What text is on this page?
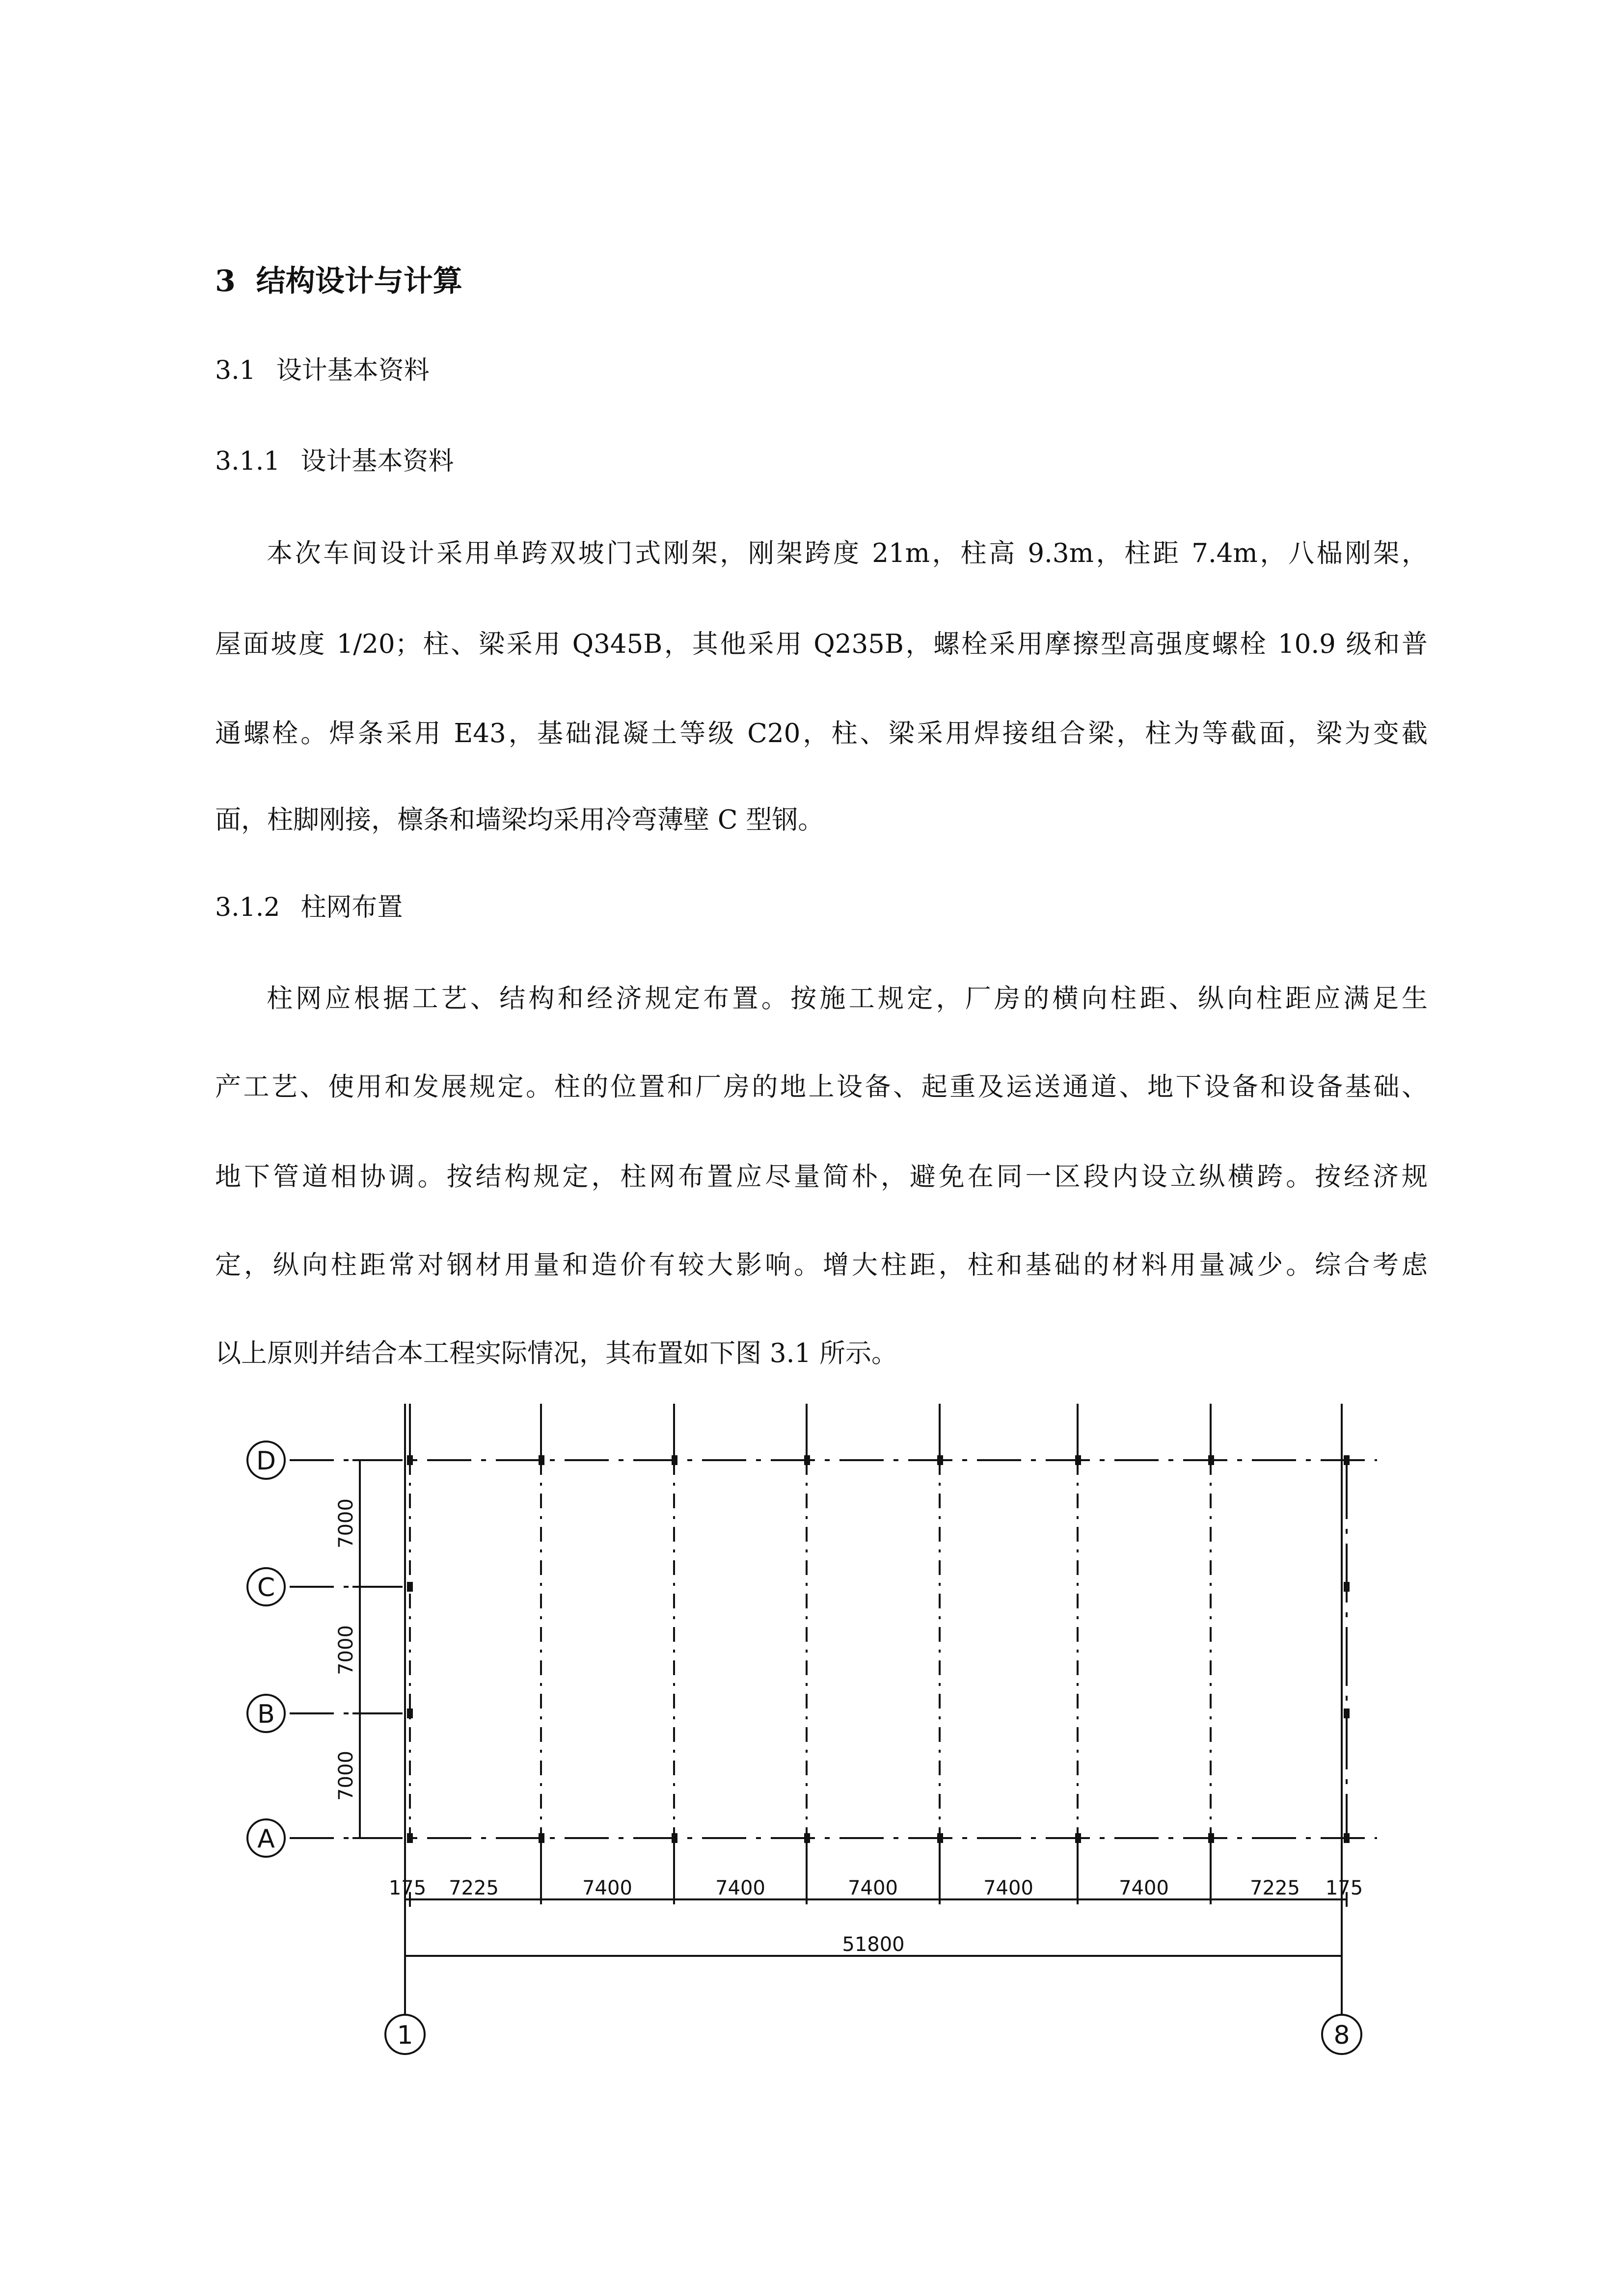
3 结构设计与计算
3.1 设计基本资料
3.1.1 设计基本资料

本次车间设计采用单跨双坡门式刚架，刚架跨度 21m，柱高 9.3m，柱距 7.4m，八榀刚架，

屋面坡度 1/20；柱、梁采用 Q345B，其他采用 Q235B，螺栓采用摩擦型高强度螺栓 10.9 级和普

通螺栓。焊条采用 E43，基础混凝土等级 C20，柱、梁采用焊接组合梁，柱为等截面，梁为变截

面，柱脚刚接，檩条和墙梁均采用冷弯薄壁 C 型钢。

3.1.2 柱网布置

柱网应根据工艺、结构和经济规定布置。按施工规定，厂房的横向柱距、纵向柱距应满足生

产工艺、使用和发展规定。柱的位置和厂房的地上设备、起重及运送通道、地下设备和设备基础、

地下管道相协调。按结构规定，柱网布置应尽量简朴，避免在同一区段内设立纵横跨。按经济规

定，纵向柱距常对钢材用量和造价有较大影响。增大柱距，柱和基础的材料用量减少。综合考虑

以上原则并结合本工程实际情况，其布置如下图 3.1 所示。

D
C
B
A
1	8
7000
7000
7000
175 7225	7400	7400	7400	7400	7400	7225 175
51800
